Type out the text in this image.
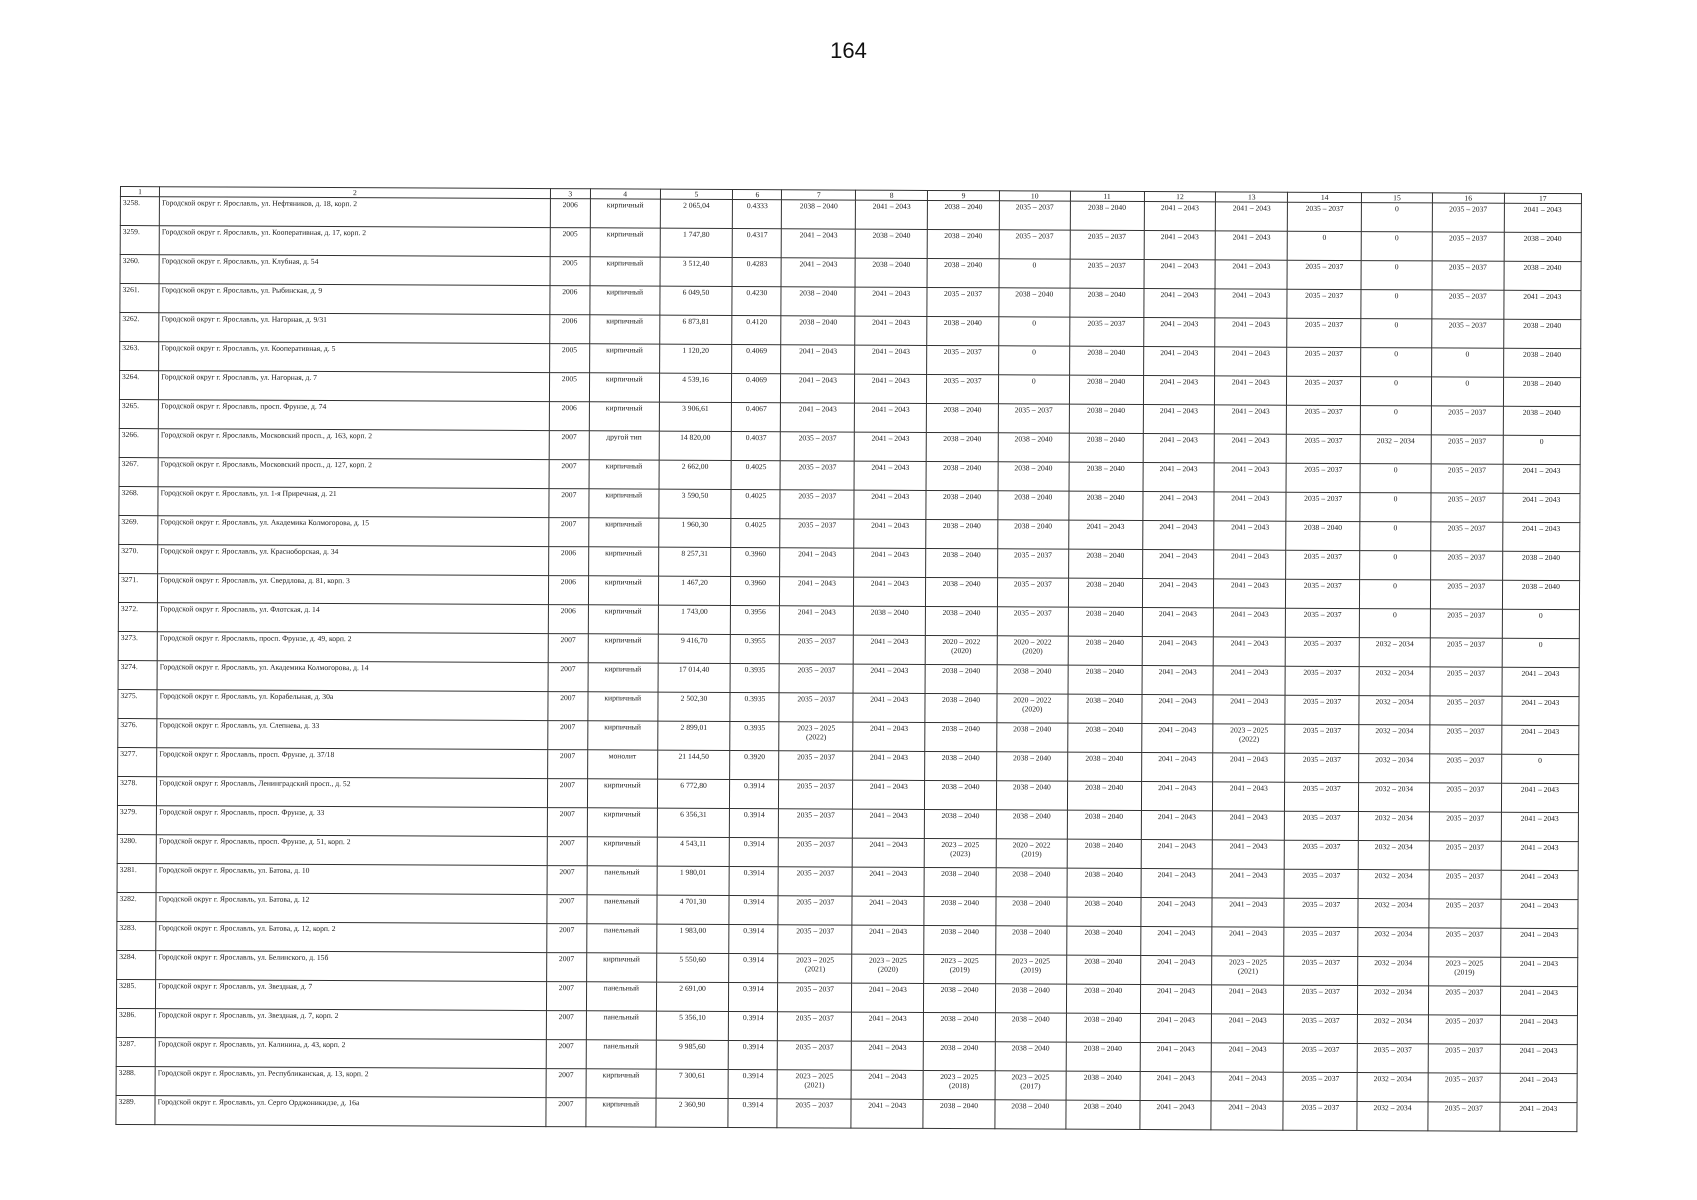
164
1	2	3	4	5	6	7	8	9	10	11	12	13	14	15	16	17
3258.	Городской округ г. Ярославль, ул. Нефтяников, д. 18, корп. 2	2006	кирпичный	2 065,04	0.4333	2038 – 2040	2041 – 2043	2038 – 2040	2035 – 2037	2038 – 2040	2041 – 2043	2041 – 2043	2035 – 2037	0	2035 – 2037	2041 – 2043
3259.	Городской округ г. Ярославль, ул. Кооперативная, д. 17, корп. 2	2005	кирпичный	1 747,80	0.4317	2041 – 2043	2038 – 2040	2038 – 2040	2035 – 2037	2035 – 2037	2041 – 2043	2041 – 2043	0	0	2035 – 2037	2038 – 2040
3260.	Городской округ г. Ярославль, ул. Клубная, д. 54	2005	кирпичный	3 512,40	0.4283	2041 – 2043	2038 – 2040	2038 – 2040	0	2035 – 2037	2041 – 2043	2041 – 2043	2035 – 2037	0	2035 – 2037	2038 – 2040
3261.	Городской округ г. Ярославль, ул. Рыбинская, д. 9	2006	кирпичный	6 049,50	0.4230	2038 – 2040	2041 – 2043	2035 – 2037	2038 – 2040	2038 – 2040	2041 – 2043	2041 – 2043	2035 – 2037	0	2035 – 2037	2041 – 2043
3262.	Городской округ г. Ярославль, ул. Нагорная, д. 9/31	2006	кирпичный	6 873,81	0.4120	2038 – 2040	2041 – 2043	2038 – 2040	0	2035 – 2037	2041 – 2043	2041 – 2043	2035 – 2037	0	2035 – 2037	2038 – 2040
3263.	Городской округ г. Ярославль, ул. Кооперативная, д. 5	2005	кирпичный	1 120,20	0.4069	2041 – 2043	2041 – 2043	2035 – 2037	0	2038 – 2040	2041 – 2043	2041 – 2043	2035 – 2037	0	0	2038 – 2040
3264.	Городской округ г. Ярославль, ул. Нагорная, д. 7	2005	кирпичный	4 539,16	0.4069	2041 – 2043	2041 – 2043	2035 – 2037	0	2038 – 2040	2041 – 2043	2041 – 2043	2035 – 2037	0	0	2038 – 2040
3265.	Городской округ г. Ярославль, просп. Фрунзе, д. 74	2006	кирпичный	3 906,61	0.4067	2041 – 2043	2041 – 2043	2038 – 2040	2035 – 2037	2038 – 2040	2041 – 2043	2041 – 2043	2035 – 2037	0	2035 – 2037	2038 – 2040
3266.	Городской округ г. Ярославль, Московский просп., д. 163, корп. 2	2007	другой тип	14 820,00	0.4037	2035 – 2037	2041 – 2043	2038 – 2040	2038 – 2040	2038 – 2040	2041 – 2043	2041 – 2043	2035 – 2037	2032 – 2034	2035 – 2037	0
3267.	Городской округ г. Ярославль, Московский просп., д. 127, корп. 2	2007	кирпичный	2 662,00	0.4025	2035 – 2037	2041 – 2043	2038 – 2040	2038 – 2040	2038 – 2040	2041 – 2043	2041 – 2043	2035 – 2037	0	2035 – 2037	2041 – 2043
3268.	Городской округ г. Ярославль, ул. 1-я Приречная, д. 21	2007	кирпичный	3 590,50	0.4025	2035 – 2037	2041 – 2043	2038 – 2040	2038 – 2040	2038 – 2040	2041 – 2043	2041 – 2043	2035 – 2037	0	2035 – 2037	2041 – 2043
3269.	Городской округ г. Ярославль, ул. Академика Колмогорова, д. 15	2007	кирпичный	1 960,30	0.4025	2035 – 2037	2041 – 2043	2038 – 2040	2038 – 2040	2041 – 2043	2041 – 2043	2041 – 2043	2038 – 2040	0	2035 – 2037	2041 – 2043
3270.	Городской округ г. Ярославль, ул. Красноборская, д. 34	2006	кирпичный	8 257,31	0.3960	2041 – 2043	2041 – 2043	2038 – 2040	2035 – 2037	2038 – 2040	2041 – 2043	2041 – 2043	2035 – 2037	0	2035 – 2037	2038 – 2040
3271.	Городской округ г. Ярославль, ул. Свердлова, д. 81, корп. 3	2006	кирпичный	1 467,20	0.3960	2041 – 2043	2041 – 2043	2038 – 2040	2035 – 2037	2038 – 2040	2041 – 2043	2041 – 2043	2035 – 2037	0	2035 – 2037	2038 – 2040
3272.	Городской округ г. Ярославль, ул. Флотская, д. 14	2006	кирпичный	1 743,00	0.3956	2041 – 2043	2038 – 2040	2038 – 2040	2035 – 2037	2038 – 2040	2041 – 2043	2041 – 2043	2035 – 2037	0	2035 – 2037	0
3273.	Городской округ г. Ярославль, просп. Фрунзе, д. 49, корп. 2	2007	кирпичный	9 416,70	0.3955	2035 – 2037	2041 – 2043	2020 – 2022
(2020)	2020 – 2022
(2020)	2038 – 2040	2041 – 2043	2041 – 2043	2035 – 2037	2032 – 2034	2035 – 2037	0
3274.	Городской округ г. Ярославль, ул. Академика Колмогорова, д. 14	2007	кирпичный	17 014,40	0.3935	2035 – 2037	2041 – 2043	2038 – 2040	2038 – 2040	2038 – 2040	2041 – 2043	2041 – 2043	2035 – 2037	2032 – 2034	2035 – 2037	2041 – 2043
3275.	Городской округ г. Ярославль, ул. Корабельная, д. 30а	2007	кирпичный	2 502,30	0.3935	2035 – 2037	2041 – 2043	2038 – 2040	2020 – 2022
(2020)	2038 – 2040	2041 – 2043	2041 – 2043	2035 – 2037	2032 – 2034	2035 – 2037	2041 – 2043
3276.	Городской округ г. Ярославль, ул. Слепнева, д. 33	2007	кирпичный	2 899,01	0.3935	2023 – 2025
(2022)	2041 – 2043	2038 – 2040	2038 – 2040	2038 – 2040	2041 – 2043	2023 – 2025
(2022)	2035 – 2037	2032 – 2034	2035 – 2037	2041 – 2043
3277.	Городской округ г. Ярославль, просп. Фрунзе, д. 37/18	2007	монолит	21 144,50	0.3920	2035 – 2037	2041 – 2043	2038 – 2040	2038 – 2040	2038 – 2040	2041 – 2043	2041 – 2043	2035 – 2037	2032 – 2034	2035 – 2037	0
3278.	Городской округ г. Ярославль, Ленинградский просп., д. 52	2007	кирпичный	6 772,80	0.3914	2035 – 2037	2041 – 2043	2038 – 2040	2038 – 2040	2038 – 2040	2041 – 2043	2041 – 2043	2035 – 2037	2032 – 2034	2035 – 2037	2041 – 2043
3279.	Городской округ г. Ярославль, просп. Фрунзе, д. 33	2007	кирпичный	6 356,31	0.3914	2035 – 2037	2041 – 2043	2038 – 2040	2038 – 2040	2038 – 2040	2041 – 2043	2041 – 2043	2035 – 2037	2032 – 2034	2035 – 2037	2041 – 2043
3280.	Городской округ г. Ярославль, просп. Фрунзе, д. 51, корп. 2	2007	кирпичный	4 543,11	0.3914	2035 – 2037	2041 – 2043	2023 – 2025
(2023)	2020 – 2022
(2019)	2038 – 2040	2041 – 2043	2041 – 2043	2035 – 2037	2032 – 2034	2035 – 2037	2041 – 2043
3281.	Городской округ г. Ярославль, ул. Батова, д. 10	2007	панельный	1 980,01	0.3914	2035 – 2037	2041 – 2043	2038 – 2040	2038 – 2040	2038 – 2040	2041 – 2043	2041 – 2043	2035 – 2037	2032 – 2034	2035 – 2037	2041 – 2043
3282.	Городской округ г. Ярославль, ул. Батова, д. 12	2007	панельный	4 701,30	0.3914	2035 – 2037	2041 – 2043	2038 – 2040	2038 – 2040	2038 – 2040	2041 – 2043	2041 – 2043	2035 – 2037	2032 – 2034	2035 – 2037	2041 – 2043
3283.	Городской округ г. Ярославль, ул. Батова, д. 12, корп. 2	2007	панельный	1 983,00	0.3914	2035 – 2037	2041 – 2043	2038 – 2040	2038 – 2040	2038 – 2040	2041 – 2043	2041 – 2043	2035 – 2037	2032 – 2034	2035 – 2037	2041 – 2043
3284.	Городской округ г. Ярославль, ул. Белинского, д. 15б	2007	кирпичный	5 550,60	0.3914	2023 – 2025
(2021)	2023 – 2025
(2020)	2023 – 2025
(2019)	2023 – 2025
(2019)	2038 – 2040	2041 – 2043	2023 – 2025
(2021)	2035 – 2037	2032 – 2034	2023 – 2025
(2019)	2041 – 2043
3285.	Городской округ г. Ярославль, ул. Звездная, д. 7	2007	панельный	2 691,00	0.3914	2035 – 2037	2041 – 2043	2038 – 2040	2038 – 2040	2038 – 2040	2041 – 2043	2041 – 2043	2035 – 2037	2032 – 2034	2035 – 2037	2041 – 2043
3286.	Городской округ г. Ярославль, ул. Звездная, д. 7, корп. 2	2007	панельный	5 356,10	0.3914	2035 – 2037	2041 – 2043	2038 – 2040	2038 – 2040	2038 – 2040	2041 – 2043	2041 – 2043	2035 – 2037	2032 – 2034	2035 – 2037	2041 – 2043
3287.	Городской округ г. Ярославль, ул. Калинина, д. 43, корп. 2	2007	панельный	9 985,60	0.3914	2035 – 2037	2041 – 2043	2038 – 2040	2038 – 2040	2038 – 2040	2041 – 2043	2041 – 2043	2035 – 2037	2035 – 2037	2035 – 2037	2041 – 2043
3288.	Городской округ г. Ярославль, ул. Республиканская, д. 13, корп. 2	2007	кирпичный	7 300,61	0.3914	2023 – 2025
(2021)	2041 – 2043	2023 – 2025
(2018)	2023 – 2025
(2017)	2038 – 2040	2041 – 2043	2041 – 2043	2035 – 2037	2032 – 2034	2035 – 2037	2041 – 2043
3289.	Городской округ г. Ярославль, ул. Серго Орджоникидзе, д. 16а	2007	кирпичный	2 360,90	0.3914	2035 – 2037	2041 – 2043	2038 – 2040	2038 – 2040	2038 – 2040	2041 – 2043	2041 – 2043	2035 – 2037	2032 – 2034	2035 – 2037	2041 – 2043
